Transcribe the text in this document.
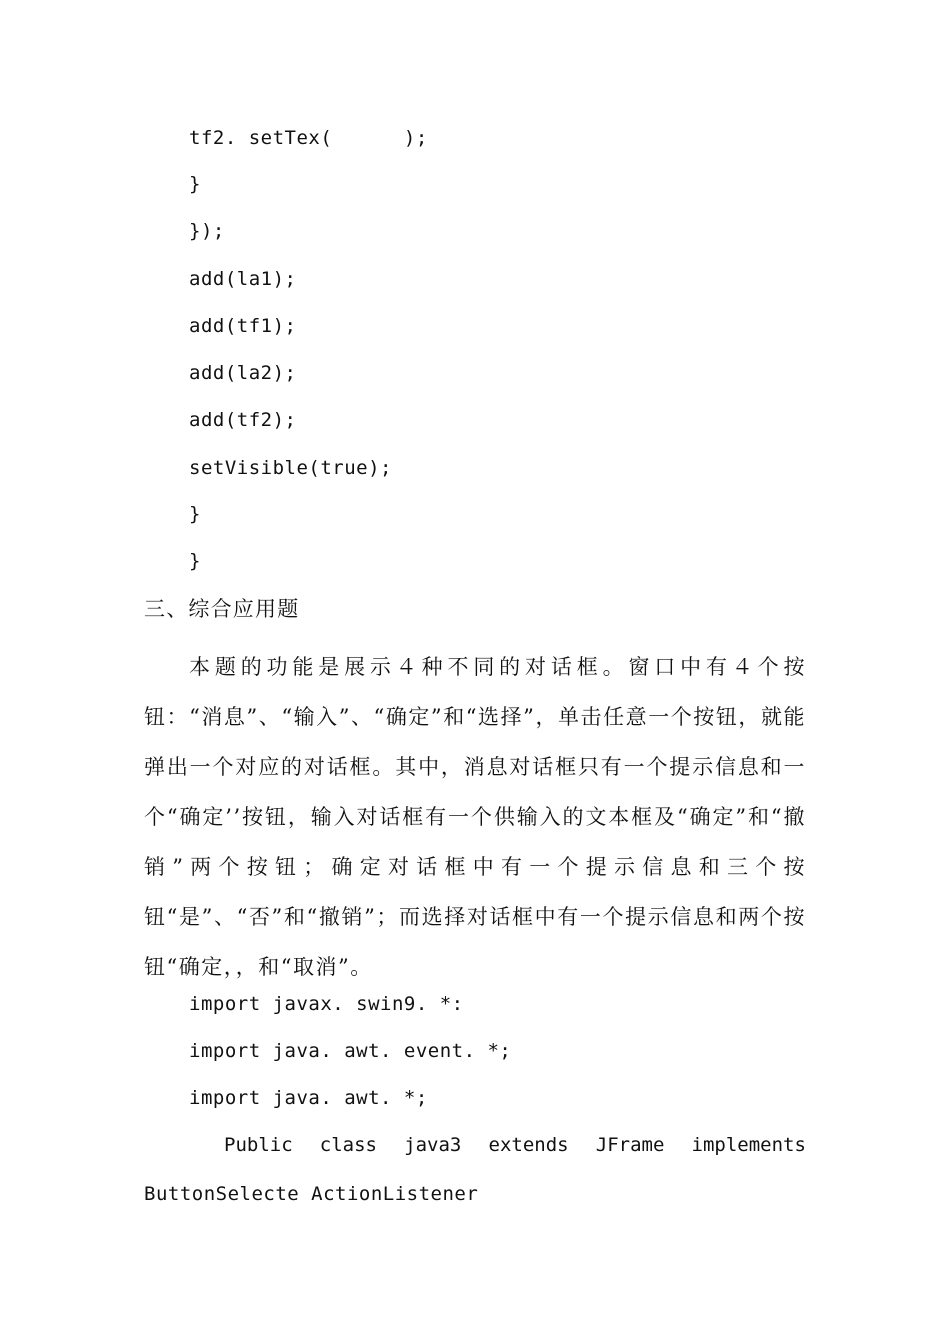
tf2. setTex(      );
}
});
add(la1);
add(tf1);
add(la2);
add(tf2);
setVisible(true);
}
}
三、综合应用题
本题的功能是展示４种不同的对话框。窗口中有４个按钮：“消息”、“输入”、“确定”和“选择”，单击任意一个按钮，就能弹出一个对应的对话框。其中，消息对话框只有一个提示信息和一个“确定’’按钮，输入对话框有一个供输入的文本框及“确定”和“撤销”两个按钮；确定对话框中有一个提示信息和三个按钮“是”、“否”和“撤销”；而选择对话框中有一个提示信息和两个按钮“确定，，和“取消”。
import javax. swin9. *:
import java. awt. event. *;
import java. awt. *;
Public class java3 extends JFrame implements
ButtonSelecte ActionListener
